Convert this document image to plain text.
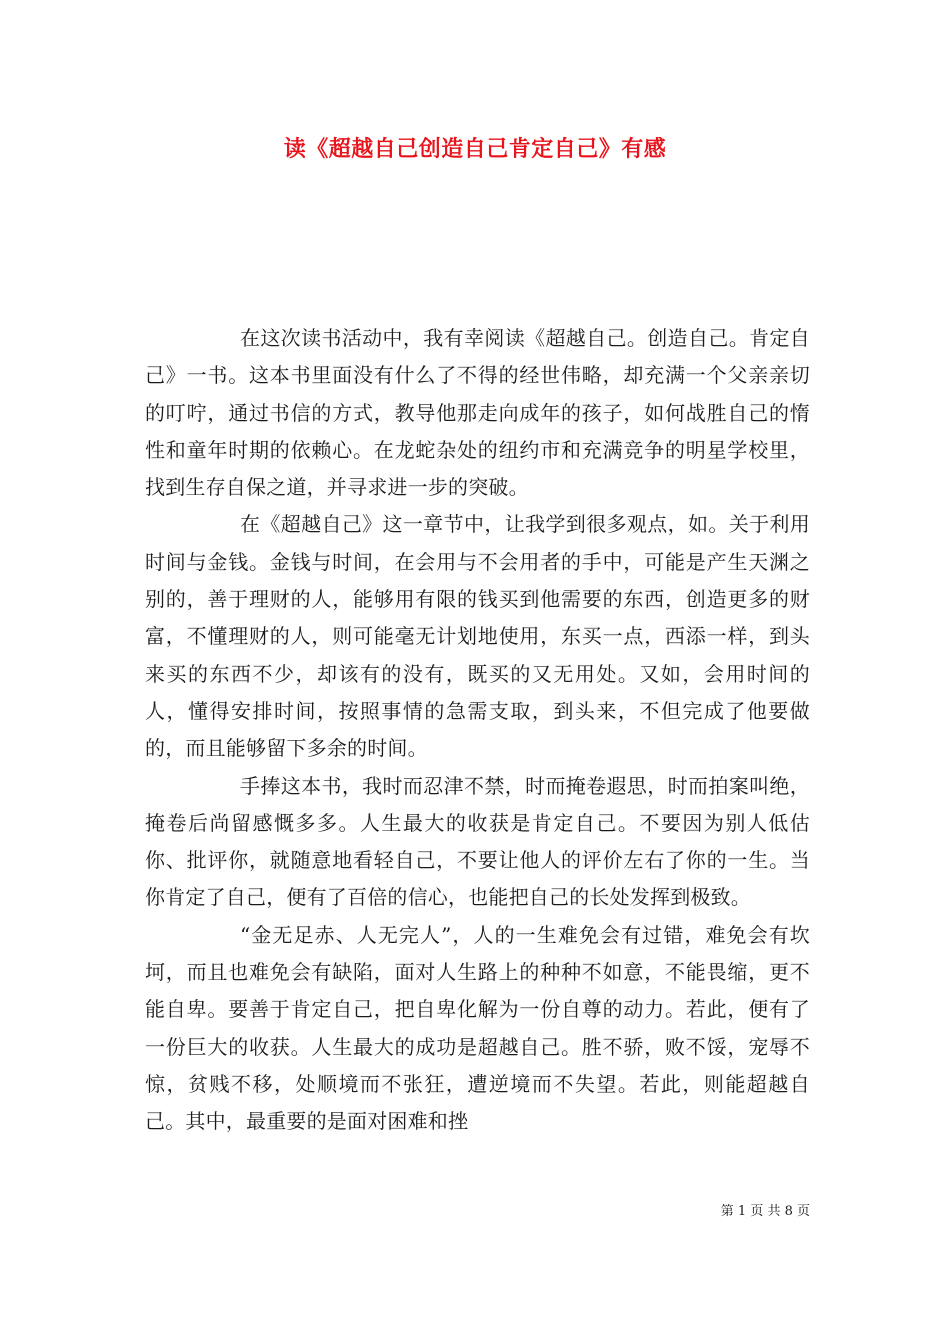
读《超越自己创造自己肯定自己》有感

在这次读书活动中，我有幸阅读《超越自己。创造自己。肯定自己》一书。这本书里面没有什么了不得的经世伟略，却充满一个父亲亲切的叮咛，通过书信的方式，教导他那走向成年的孩子，如何战胜自己的惰性和童年时期的依赖心。在龙蛇杂处的纽约市和充满竞争的明星学校里，找到生存自保之道，并寻求进一步的突破。

在《超越自己》这一章节中，让我学到很多观点，如。关于利用时间与金钱。金钱与时间，在会用与不会用者的手中，可能是产生天渊之别的，善于理财的人，能够用有限的钱买到他需要的东西，创造更多的财富，不懂理财的人，则可能毫无计划地使用，东买一点，西添一样，到头来买的东西不少，却该有的没有，既买的又无用处。又如，会用时间的人，懂得安排时间，按照事情的急需支取，到头来，不但完成了他要做的，而且能够留下多余的时间。

手捧这本书，我时而忍津不禁，时而掩卷遐思，时而拍案叫绝，掩卷后尚留感慨多多。人生最大的收获是肯定自己。不要因为别人低估你、批评你，就随意地看轻自己，不要让他人的评价左右了你的一生。当你肯定了自己，便有了百倍的信心，也能把自己的长处发挥到极致。

“金无足赤、人无完人”，人的一生难免会有过错，难免会有坎坷，而且也难免会有缺陷，面对人生路上的种种不如意，不能畏缩，更不能自卑。要善于肯定自己，把自卑化解为一份自尊的动力。若此，便有了一份巨大的收获。人生最大的成功是超越自己。胜不骄，败不馁，宠辱不惊，贫贱不移，处顺境而不张狂，遭逆境而不失望。若此，则能超越自己。其中，最重要的是面对困难和挫

第 1 页 共 8 页
